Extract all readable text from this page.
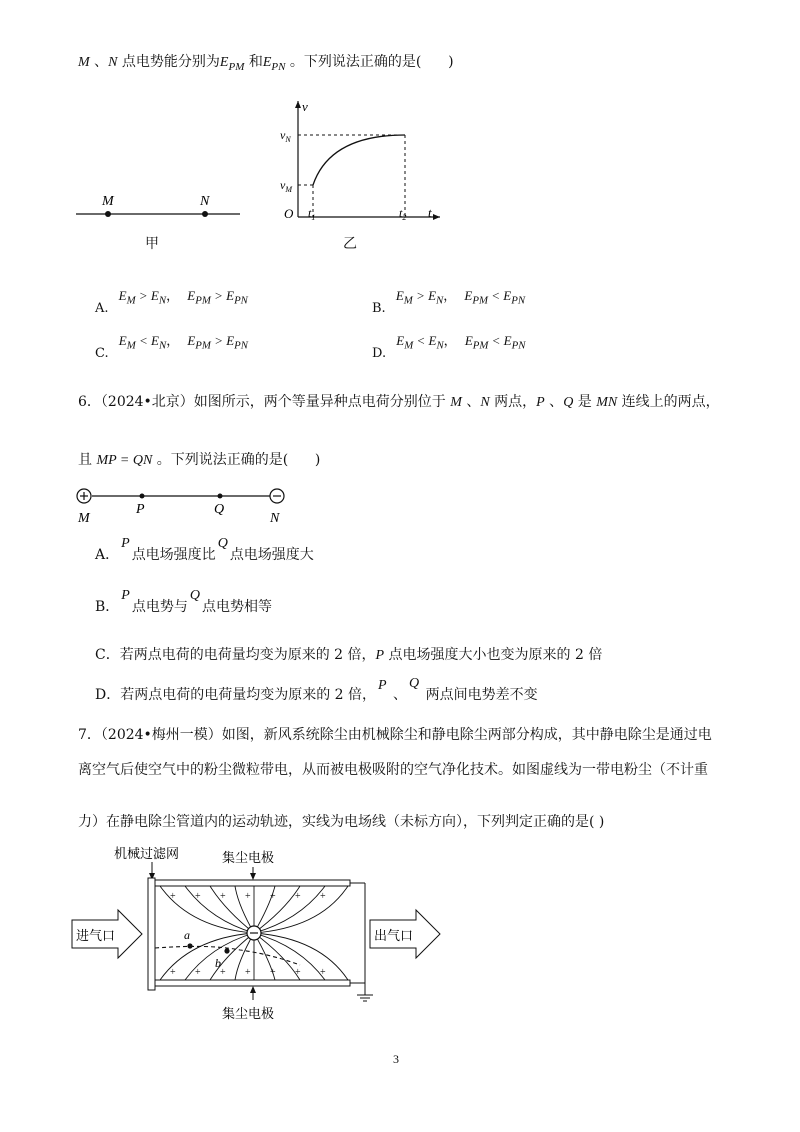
M 、N 点电势能分别为$E_{PM}$ 和$E_{PN}$ 。下列说法正确的是(      )
M	N
甲
v
$v_N$
$v_M$
O $t_1$	$t_2$ t
乙
A. $E_M > E_N$， $E_{PM} > E_{PN}$
B. $E_M > E_N$， $E_{PM} < E_{PN}$
C. $E_M < E_N$， $E_{PM} > E_{PN}$
D. $E_M < E_N$， $E_{PM} < E_{PN}$
6．（2024•北京）如图所示，两个等量异种点电荷分别位于 M 、N 两点，P 、Q 是 MN 连线上的两点，
且 MP = QN 。下列说法正确的是(      )
M
P	Q
N
A．P点电场强度比Q点电场强度大
B．P点电势与Q点电势相等
C．若两点电荷的电荷量均变为原来的 2 倍，P 点电场强度大小也变为原来的 2 倍
D．若两点电荷的电荷量均变为原来的 2 倍，P 、Q 两点间电势差不变
7．（2024•梅州一模）如图，新风系统除尘由机械除尘和静电除尘两部分构成，其中静电除尘是通过电
离空气后使空气中的粉尘微粒带电，从而被电极吸附的空气净化技术。如图虚线为一带电粉尘（不计重
力）在静电除尘管道内的运动轨迹，实线为电场线（未标方向），下列判定正确的是( )
机械过滤网	集尘电极
集尘电极
进气口	出气口
+ + + + + + +
+ + + + + + +
a
b
3
